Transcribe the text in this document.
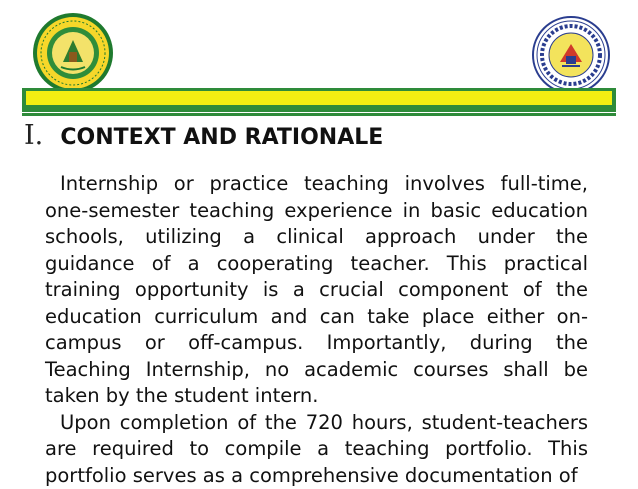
I. CONTEXT AND RATIONALE

Internship or practice teaching involves full-time, one-semester teaching experience in basic education schools, utilizing a clinical approach under the guidance of a cooperating teacher. This practical training opportunity is a crucial component of the education curriculum and can take place either on-campus or off-campus. Importantly, during the Teaching Internship, no academic courses shall be taken by the student intern.

Upon completion of the 720 hours, student-teachers are required to compile a teaching portfolio. This portfolio serves as a comprehensive documentation of
